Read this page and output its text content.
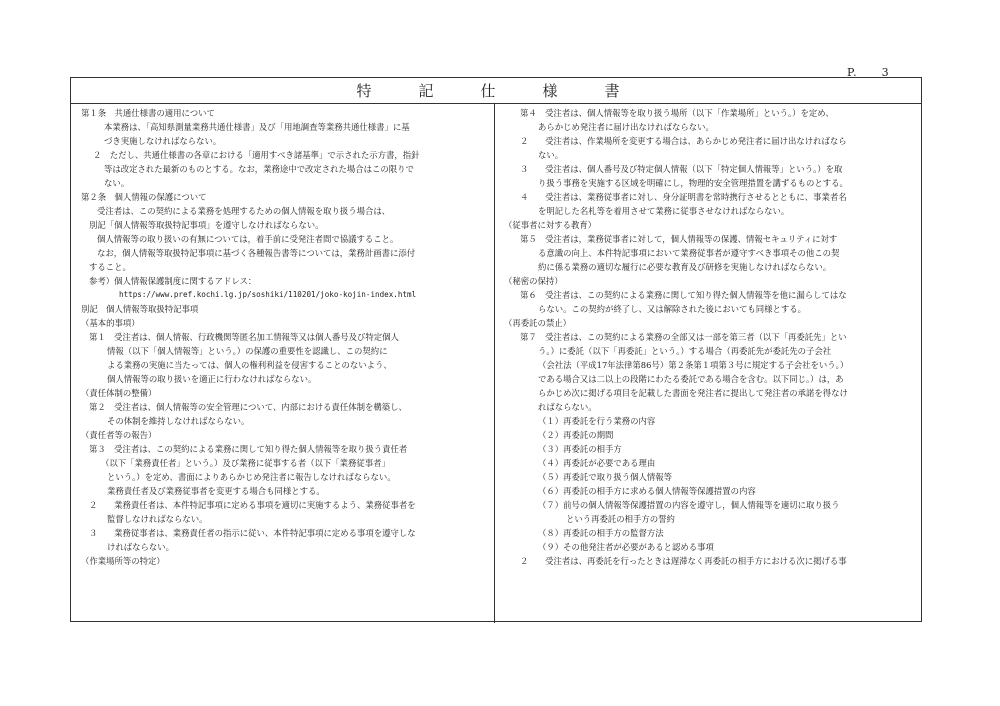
P.　　3
特　記　仕　様　書
第１条　共通仕様書の適用について
本業務は、「高知県測量業務共通仕様書」及び「用地調査等業務共通仕様書」に基
づき実施しなければならない。
２　ただし、共通仕様書の各章における「適用すべき諸基準」で示された示方書，指針
等は改定された最新のものとする。なお，業務途中で改定された場合はこの限りで
ない。
第２条　個人情報の保護について
受注者は、この契約による業務を処理するための個人情報を取り扱う場合は、
別記「個人情報等取扱特記事項」を遵守しなければならない。
個人情報等の取り扱いの有無については，着手前に受発注者間で協議すること。
なお，個人情報等取扱特記事項に基づく各種報告書等については，業務計画書に添付
すること。
参考）個人情報保護制度に関するアドレス：
https://www.pref.kochi.lg.jp/soshiki/110201/joko-kojin-index.html
別記　個人情報等取扱特記事項
（基本的事項）
第１　受注者は、個人情報、行政機関等匿名加工情報等又は個人番号及び特定個人
情報（以下「個人情報等」という。）の保護の重要性を認識し、この契約に
よる業務の実施に当たっては、個人の権利利益を侵害することのないよう、
個人情報等の取り扱いを適正に行わなければならない。
（責任体制の整備）
第２　受注者は、個人情報等の安全管理について、内部における責任体制を構築し、
その体制を維持しなければならない。
（責任者等の報告）
第３　受注者は、この契約による業務に関して知り得た個人情報等を取り扱う責任者
（以下「業務責任者」という。）及び業務に従事する者（以下「業務従事者」
という。）を定め、書面によりあらかじめ発注者に報告しなければならない。
業務責任者及び業務従事者を変更する場合も同様とする。
２　　業務責任者は、本件特記事項に定める事項を適切に実施するよう、業務従事者を
監督しなければならない。
３　　業務従事者は、業務責任者の指示に従い、本件特記事項に定める事項を遵守しな
ければならない。
（作業場所等の特定）
第４　受注者は、個人情報等を取り扱う場所（以下「作業場所」という。）を定め、
あらかじめ発注者に届け出なければならない。
２　　受注者は、作業場所を変更する場合は、あらかじめ発注者に届け出なければなら
ない。
３　　受注者は、個人番号及び特定個人情報（以下「特定個人情報等」という。）を取
り扱う事務を実施する区域を明確にし，物理的安全管理措置を講ずるものとする。
４　　受注者は、業務従事者に対し、身分証明書を常時携行させるとともに、事業者名
を明記した名札等を着用させて業務に従事させなければならない。
（従事者に対する教育）
第５　受注者は，業務従事者に対して，個人情報等の保護、情報セキュリティに対す
る意識の向上、本件特記事項において業務従事者が遵守すべき事項その他この契
約に係る業務の適切な履行に必要な教育及び研修を実施しなければならない。
（秘密の保持）
第６　受注者は、この契約による業務に関して知り得た個人情報等を他に漏らしてはな
らない。この契約が終了し、又は解除された後においても同様とする。
（再委託の禁止）
第７　受注者は、この契約による業務の全部又は一部を第三者（以下「再委託先」とい
う。）に委託（以下「再委託」という。）する場合（再委託先が委託先の子会社
（会社法（平成17年法律第86号）第２条第１項第３号に規定する子会社をいう。）
である場合又は二以上の段階にわたる委託である場合を含む。以下同じ。）は，あ
らかじめ次に掲げる項目を記載した書面を発注者に提出して発注者の承諾を得なけ
ればならない。
（１）再委託を行う業務の内容
（２）再委託の期間
（３）再委託の相手方
（４）再委託が必要である理由
（５）再委託で取り扱う個人情報等
（６）再委託の相手方に求める個人情報等保護措置の内容
（７）前号の個人情報等保護措置の内容を遵守し，個人情報等を適切に取り扱う
という再委託の相手方の誓約
（８）再委託の相手方の監督方法
（９）その他発注者が必要があると認める事項
２　　受注者は、再委託を行ったときは遅滞なく再委託の相手方における次に掲げる事
